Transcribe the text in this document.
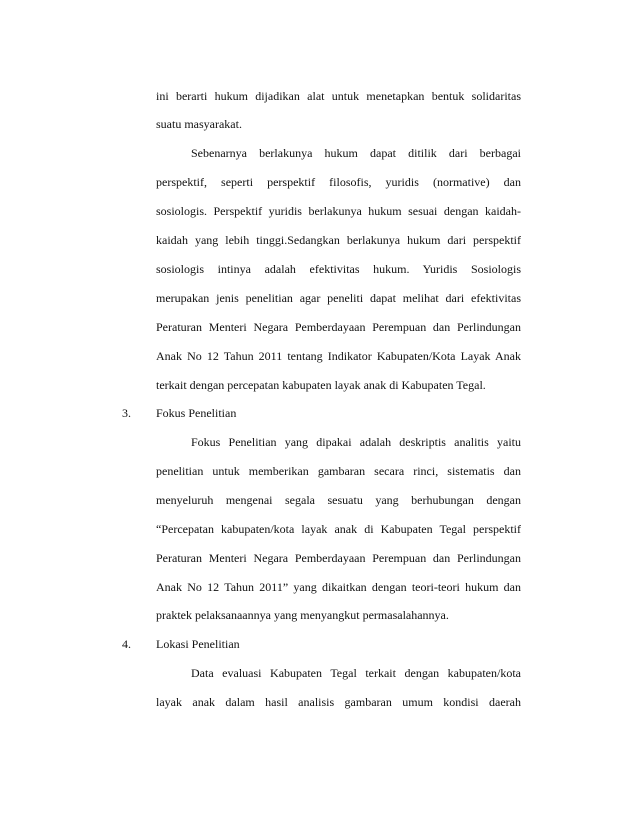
ini berarti hukum dijadikan alat untuk menetapkan bentuk solidaritas
suatu masyarakat.
Sebenarnya berlakunya hukum dapat ditilik dari berbagai
perspektif, seperti perspektif filosofis, yuridis (normative) dan
sosiologis. Perspektif yuridis berlakunya hukum sesuai dengan kaidah-
kaidah yang lebih tinggi.Sedangkan berlakunya hukum dari perspektif
sosiologis intinya adalah efektivitas hukum. Yuridis Sosiologis
merupakan jenis penelitian agar peneliti dapat melihat dari efektivitas
Peraturan Menteri Negara Pemberdayaan Perempuan dan Perlindungan
Anak No 12 Tahun 2011 tentang Indikator Kabupaten/Kota Layak Anak
terkait dengan percepatan kabupaten layak anak di Kabupaten Tegal.
3. Fokus Penelitian
Fokus Penelitian yang dipakai adalah deskriptis analitis yaitu
penelitian untuk memberikan gambaran secara rinci, sistematis dan
menyeluruh mengenai segala sesuatu yang berhubungan dengan
“Percepatan kabupaten/kota layak anak di Kabupaten Tegal perspektif
Peraturan Menteri Negara Pemberdayaan Perempuan dan Perlindungan
Anak No 12 Tahun 2011” yang dikaitkan dengan teori-teori hukum dan
praktek pelaksanaannya yang menyangkut permasalahannya.
4. Lokasi Penelitian
Data evaluasi Kabupaten Tegal terkait dengan kabupaten/kota
layak anak dalam hasil analisis gambaran umum kondisi daerah
